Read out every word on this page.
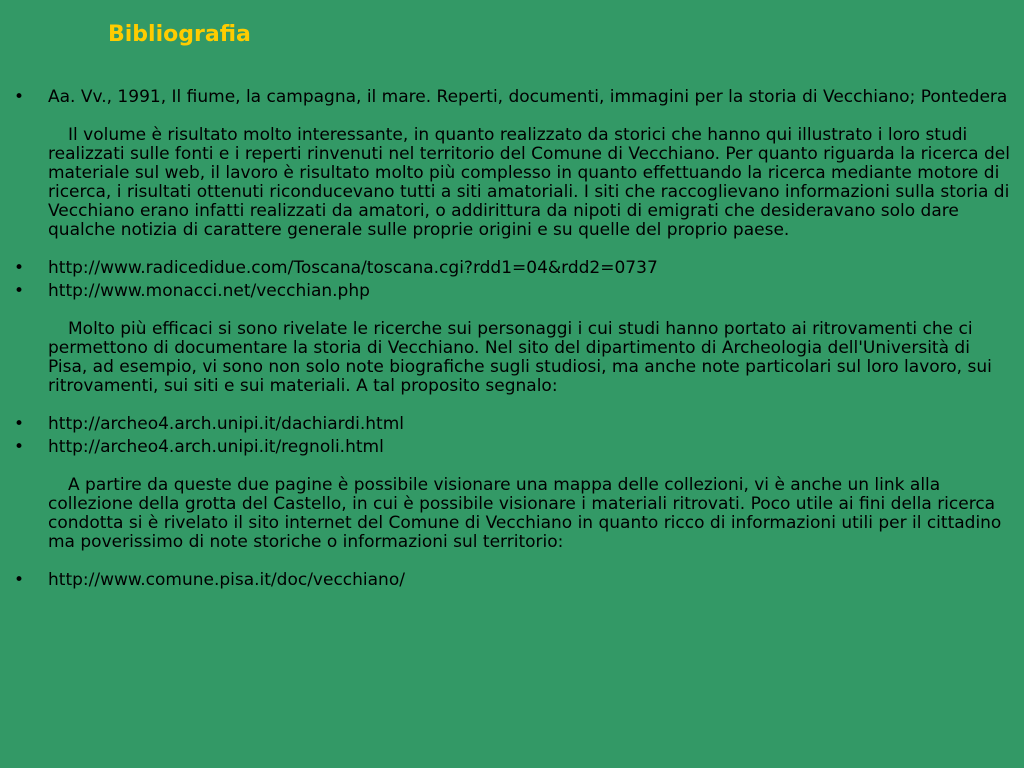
Bibliografia
•	Aa. Vv., 1991, Il fiume, la campagna, il mare. Reperti, documenti, immagini per la storia di Vecchiano; Pontedera

Il volume è risultato molto interessante, in quanto realizzato da storici che hanno qui illustrato i loro studi realizzati sulle fonti e i reperti rinvenuti nel territorio del Comune di Vecchiano. Per quanto riguarda la ricerca del materiale sul web, il lavoro è risultato molto più complesso in quanto effettuando la ricerca mediante motore di ricerca, i risultati ottenuti riconducevano tutti a siti amatoriali. I siti che raccoglievano informazioni sulla storia di Vecchiano erano infatti realizzati da amatori, o addirittura da nipoti di emigrati che desideravano solo dare qualche notizia di carattere generale sulle proprie origini e su quelle del proprio paese.

•	http://www.radicedidue.com/Toscana/toscana.cgi?rdd1=04&rdd2=0737
•	http://www.monacci.net/vecchian.php

Molto più efficaci si sono rivelate le ricerche sui personaggi i cui studi hanno portato ai ritrovamenti che ci permettono di documentare la storia di Vecchiano. Nel sito del dipartimento di Archeologia dell'Università di Pisa, ad esempio, vi sono non solo note biografiche sugli studiosi, ma anche note particolari sul loro lavoro, sui ritrovamenti, sui siti e sui materiali. A tal proposito segnalo:

•	http://archeo4.arch.unipi.it/dachiardi.html
•	http://archeo4.arch.unipi.it/regnoli.html

A partire da queste due pagine è possibile visionare una mappa delle collezioni, vi è anche un link alla collezione della grotta del Castello, in cui è possibile visionare i materiali ritrovati. Poco utile ai fini della ricerca condotta si è rivelato il sito internet del Comune di Vecchiano in quanto ricco di informazioni utili per il cittadino ma poverissimo di note storiche o informazioni sul territorio:

•	http://www.comune.pisa.it/doc/vecchiano/
